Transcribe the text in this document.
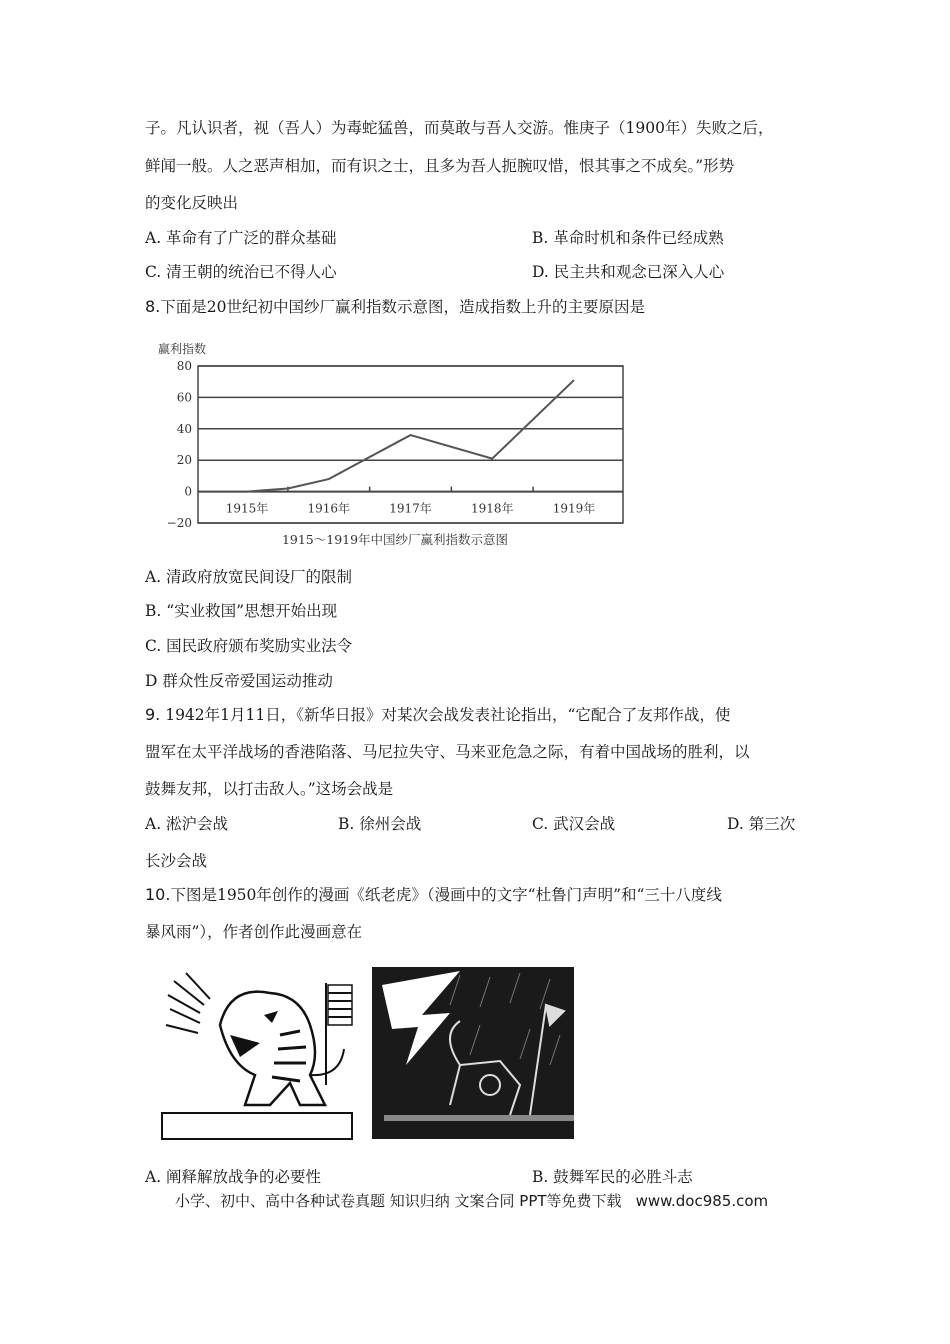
子。凡认识者，视（吾人）为毒蛇猛兽，而莫敢与吾人交游。惟庚子（1900年）失败之后，
鲜闻一般。人之恶声相加，而有识之士，且多为吾人扼腕叹惜，恨其事之不成矣。”形势
的变化反映出
A. 革命有了广泛的群众基础	B. 革命时机和条件已经成熟
C. 清王朝的统治已不得人心	D. 民主共和观念已深入人心
8.下面是20世纪初中国纱厂赢利指数示意图，造成指数上升的主要原因是
赢利指数
80
60
40
20
0
−20
1915年	1916年	1917年	1918年	1919年
1915～1919年中国纱厂赢利指数示意图
A. 清政府放宽民间设厂的限制
B. “实业救国”思想开始出现
C. 国民政府颁布奖励实业法令
D 群众性反帝爱国运动推动
9. 1942年1月11日，《新华日报》对某次会战发表社论指出，“它配合了友邦作战，使
盟军在太平洋战场的香港陷落、马尼拉失守、马来亚危急之际，有着中国战场的胜利，以
鼓舞友邦，以打击敌人。”这场会战是
A. 淞沪会战	B. 徐州会战	C. 武汉会战	D. 第三次
长沙会战
10.下图是1950年创作的漫画《纸老虎》（漫画中的文字“杜鲁门声明”和“三十八度线
暴风雨”），作者创作此漫画意在
A. 阐释解放战争的必要性	B. 鼓舞军民的必胜斗志
小学、初中、高中各种试卷真题 知识归纳 文案合同 PPT等免费下载 www.doc985.com
